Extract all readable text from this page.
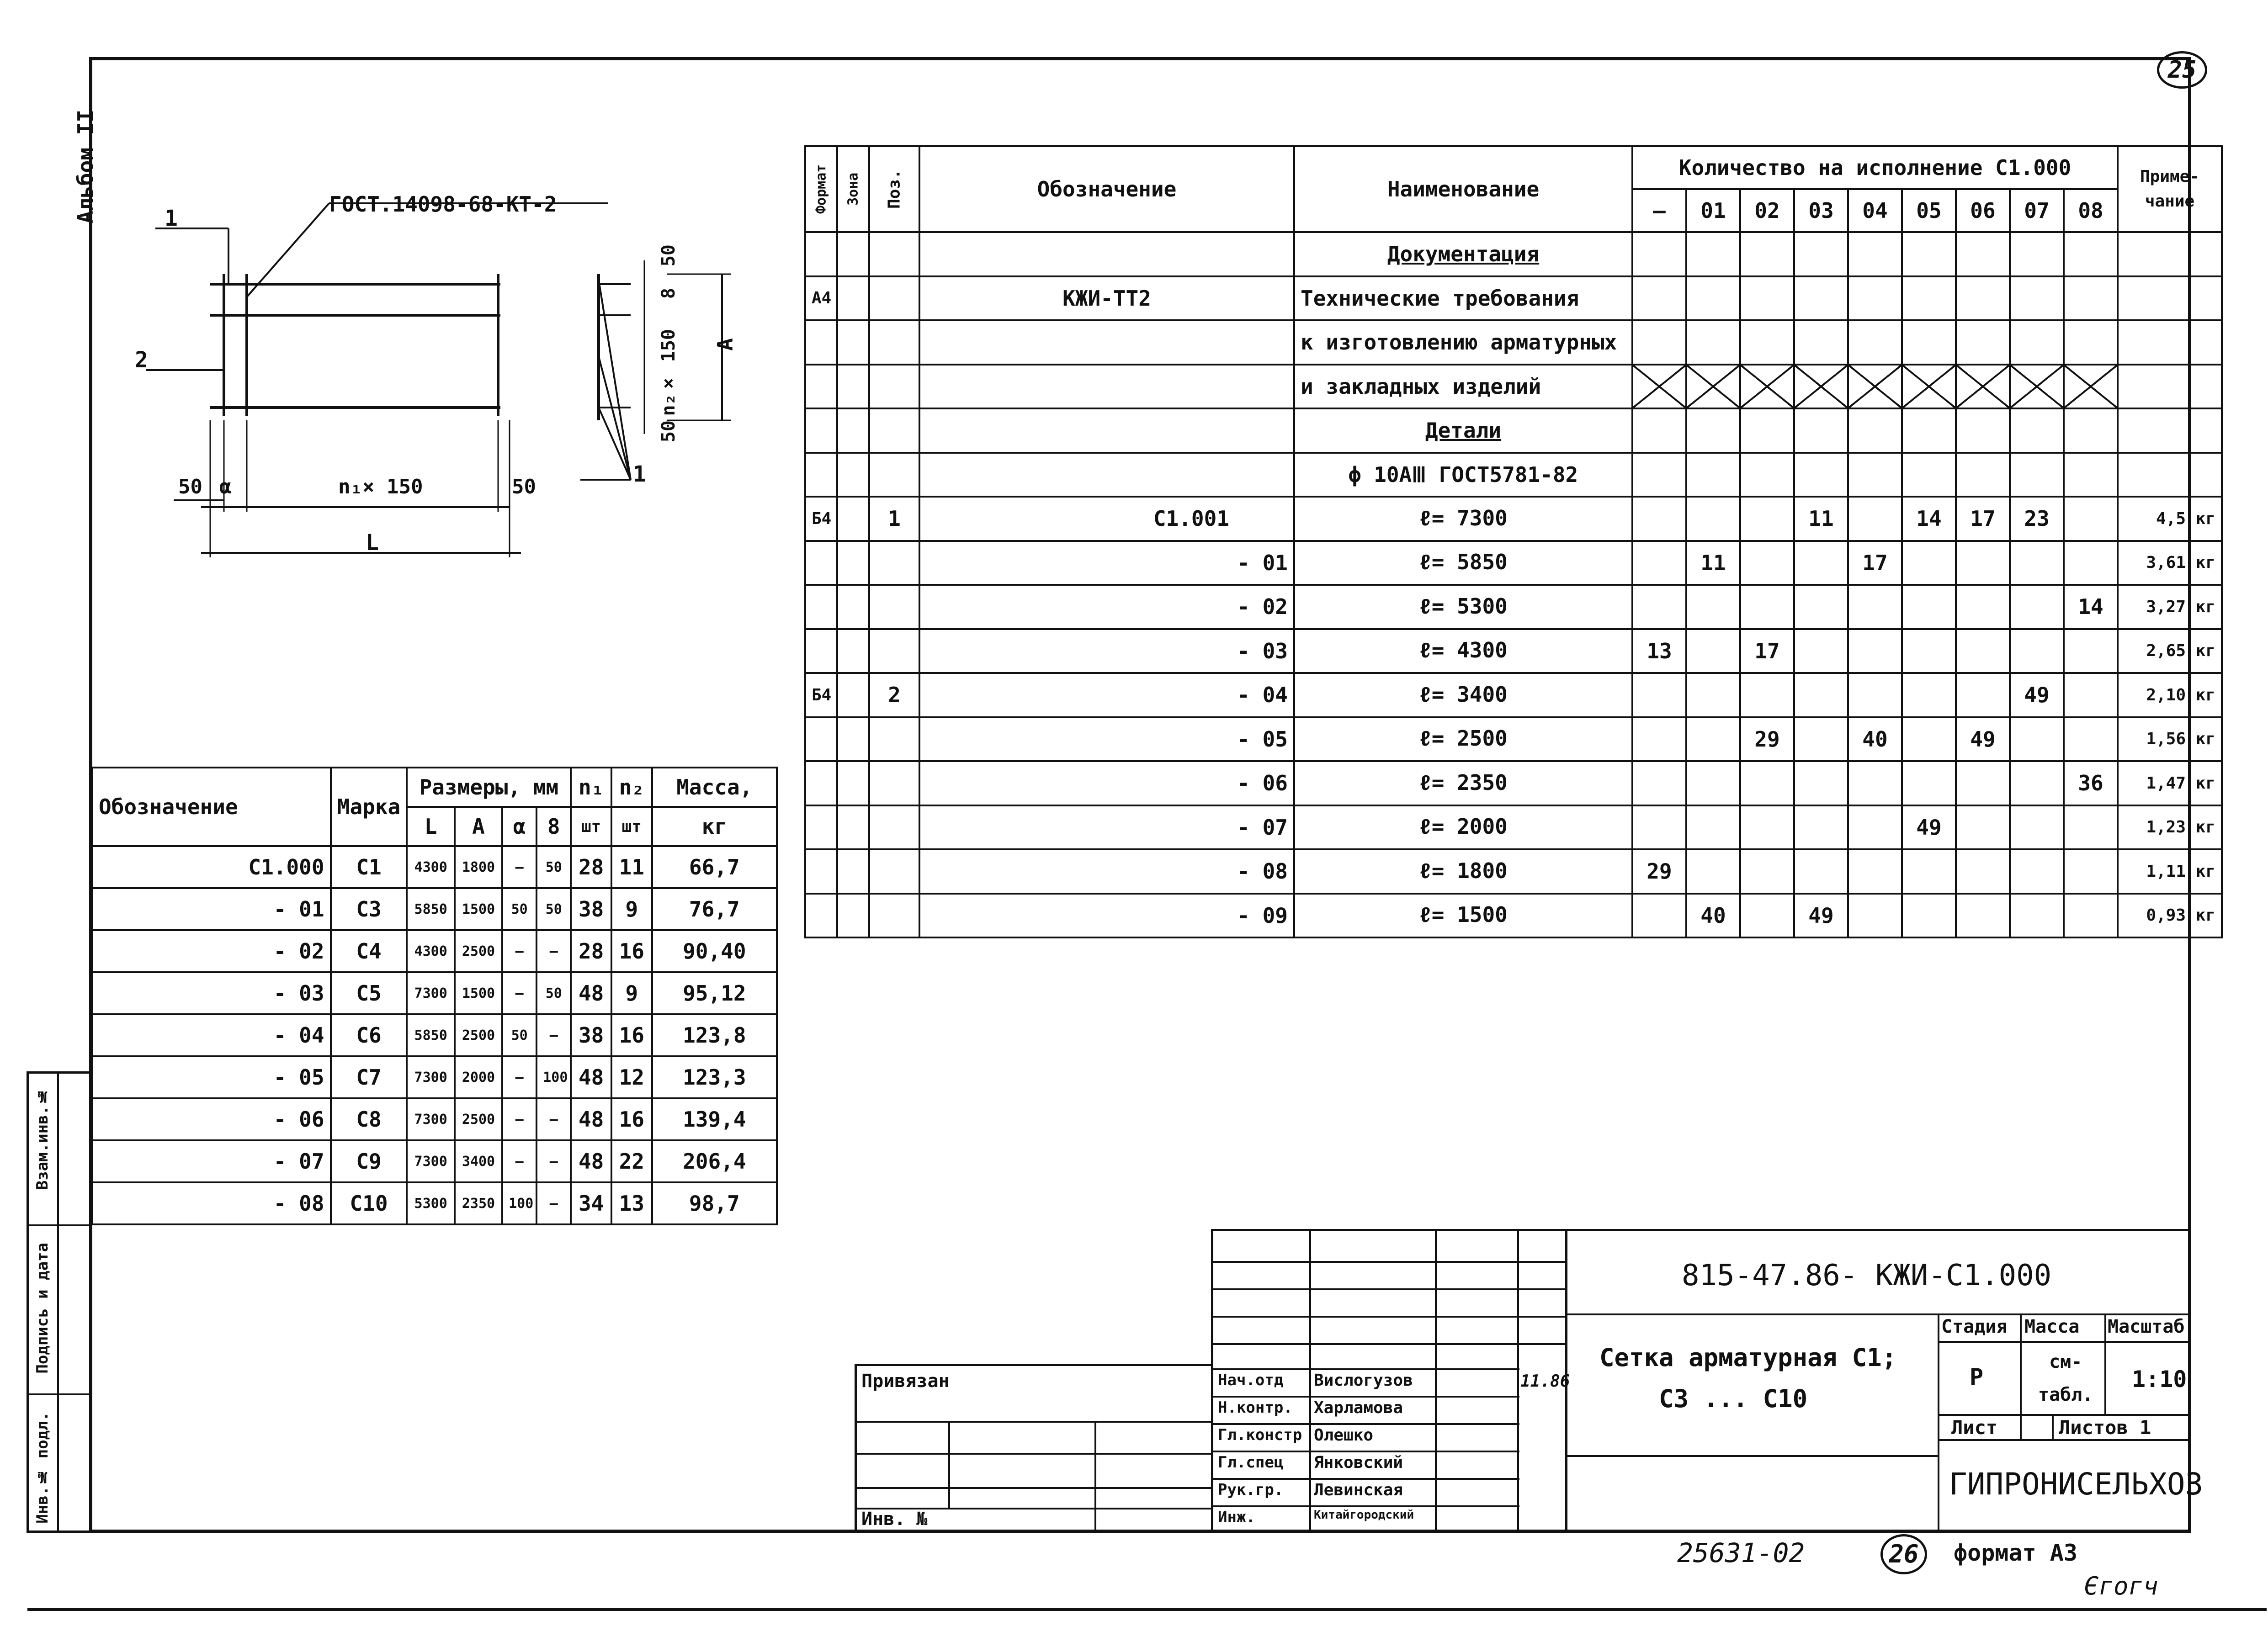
Альбом II
25
1
ГОСТ.14098-68-КТ-2
2
50 α	n₁× 150	50
L
1
50
8
n₂× 150
50
А
Формат	Зона	Поз.	Обозначение	Наименование	Количество на исполнение С1.000									Приме-
чание
					—	01	02	03	04	05	06	07	08	
				Документация										
А4			КЖИ-ТТ2	Технические требования										
				к изготовлению арматурных										
				и закладных изделий										
				Детали										
				ϕ 10АⅢ ГОСТ5781-82										
Б4		1	С1.001	ℓ= 7300				11		14	17	23		4,5 кг
			- 01	ℓ= 5850		11			17					3,61 кг
			- 02	ℓ= 5300									14	3,27 кг
			- 03	ℓ= 4300	13		17							2,65 кг
Б4		2	- 04	ℓ= 3400								49		2,10 кг
			- 05	ℓ= 2500			29		40		49			1,56 кг
			- 06	ℓ= 2350									36	1,47 кг
			- 07	ℓ= 2000						49				1,23 кг
			- 08	ℓ= 1800	29									1,11 кг
			- 09	ℓ= 1500		40		49						0,93 кг
Обозначение	Марка	Размеры, мм				n₁	n₂	Масса,
		L	А	α	8	шт	шт	кг
С1.000	С1	4300	1800	—	50	28	11	66,7
- 01	С3	5850	1500	50	50	38	9	76,7
- 02	С4	4300	2500	—	—	28	16	90,40
- 03	С5	7300	1500	—	50	48	9	95,12
- 04	С6	5850	2500	50	—	38	16	123,8
- 05	С7	7300	2000	—	100	48	12	123,3
- 06	С8	7300	2500	—	—	48	16	139,4
- 07	С9	7300	3400	—	—	48	22	206,4
- 08	С10	5300	2350	100	—	34	13	98,7
Взам.инв.№
Подпись и дата
Инв.№ подл.
Привязан
Инв. №
Нач.отд Вислогузов
Н.контр. Харламова
Гл.констр Олешко
Гл.спец Янковский
Рук.гр. Левинская
Инж.	Китайгородский
11.86
815-47.86- КЖИ-С1.000
Сетка арматурная С1;
С3 ... С10
Стадия Масса Масштаб
Р
см-
табл.
1:10
Лист	Листов 1
ГИПРОНИСЕЛЬХОЗ
25631-02	26	формат А3
Єгогч
